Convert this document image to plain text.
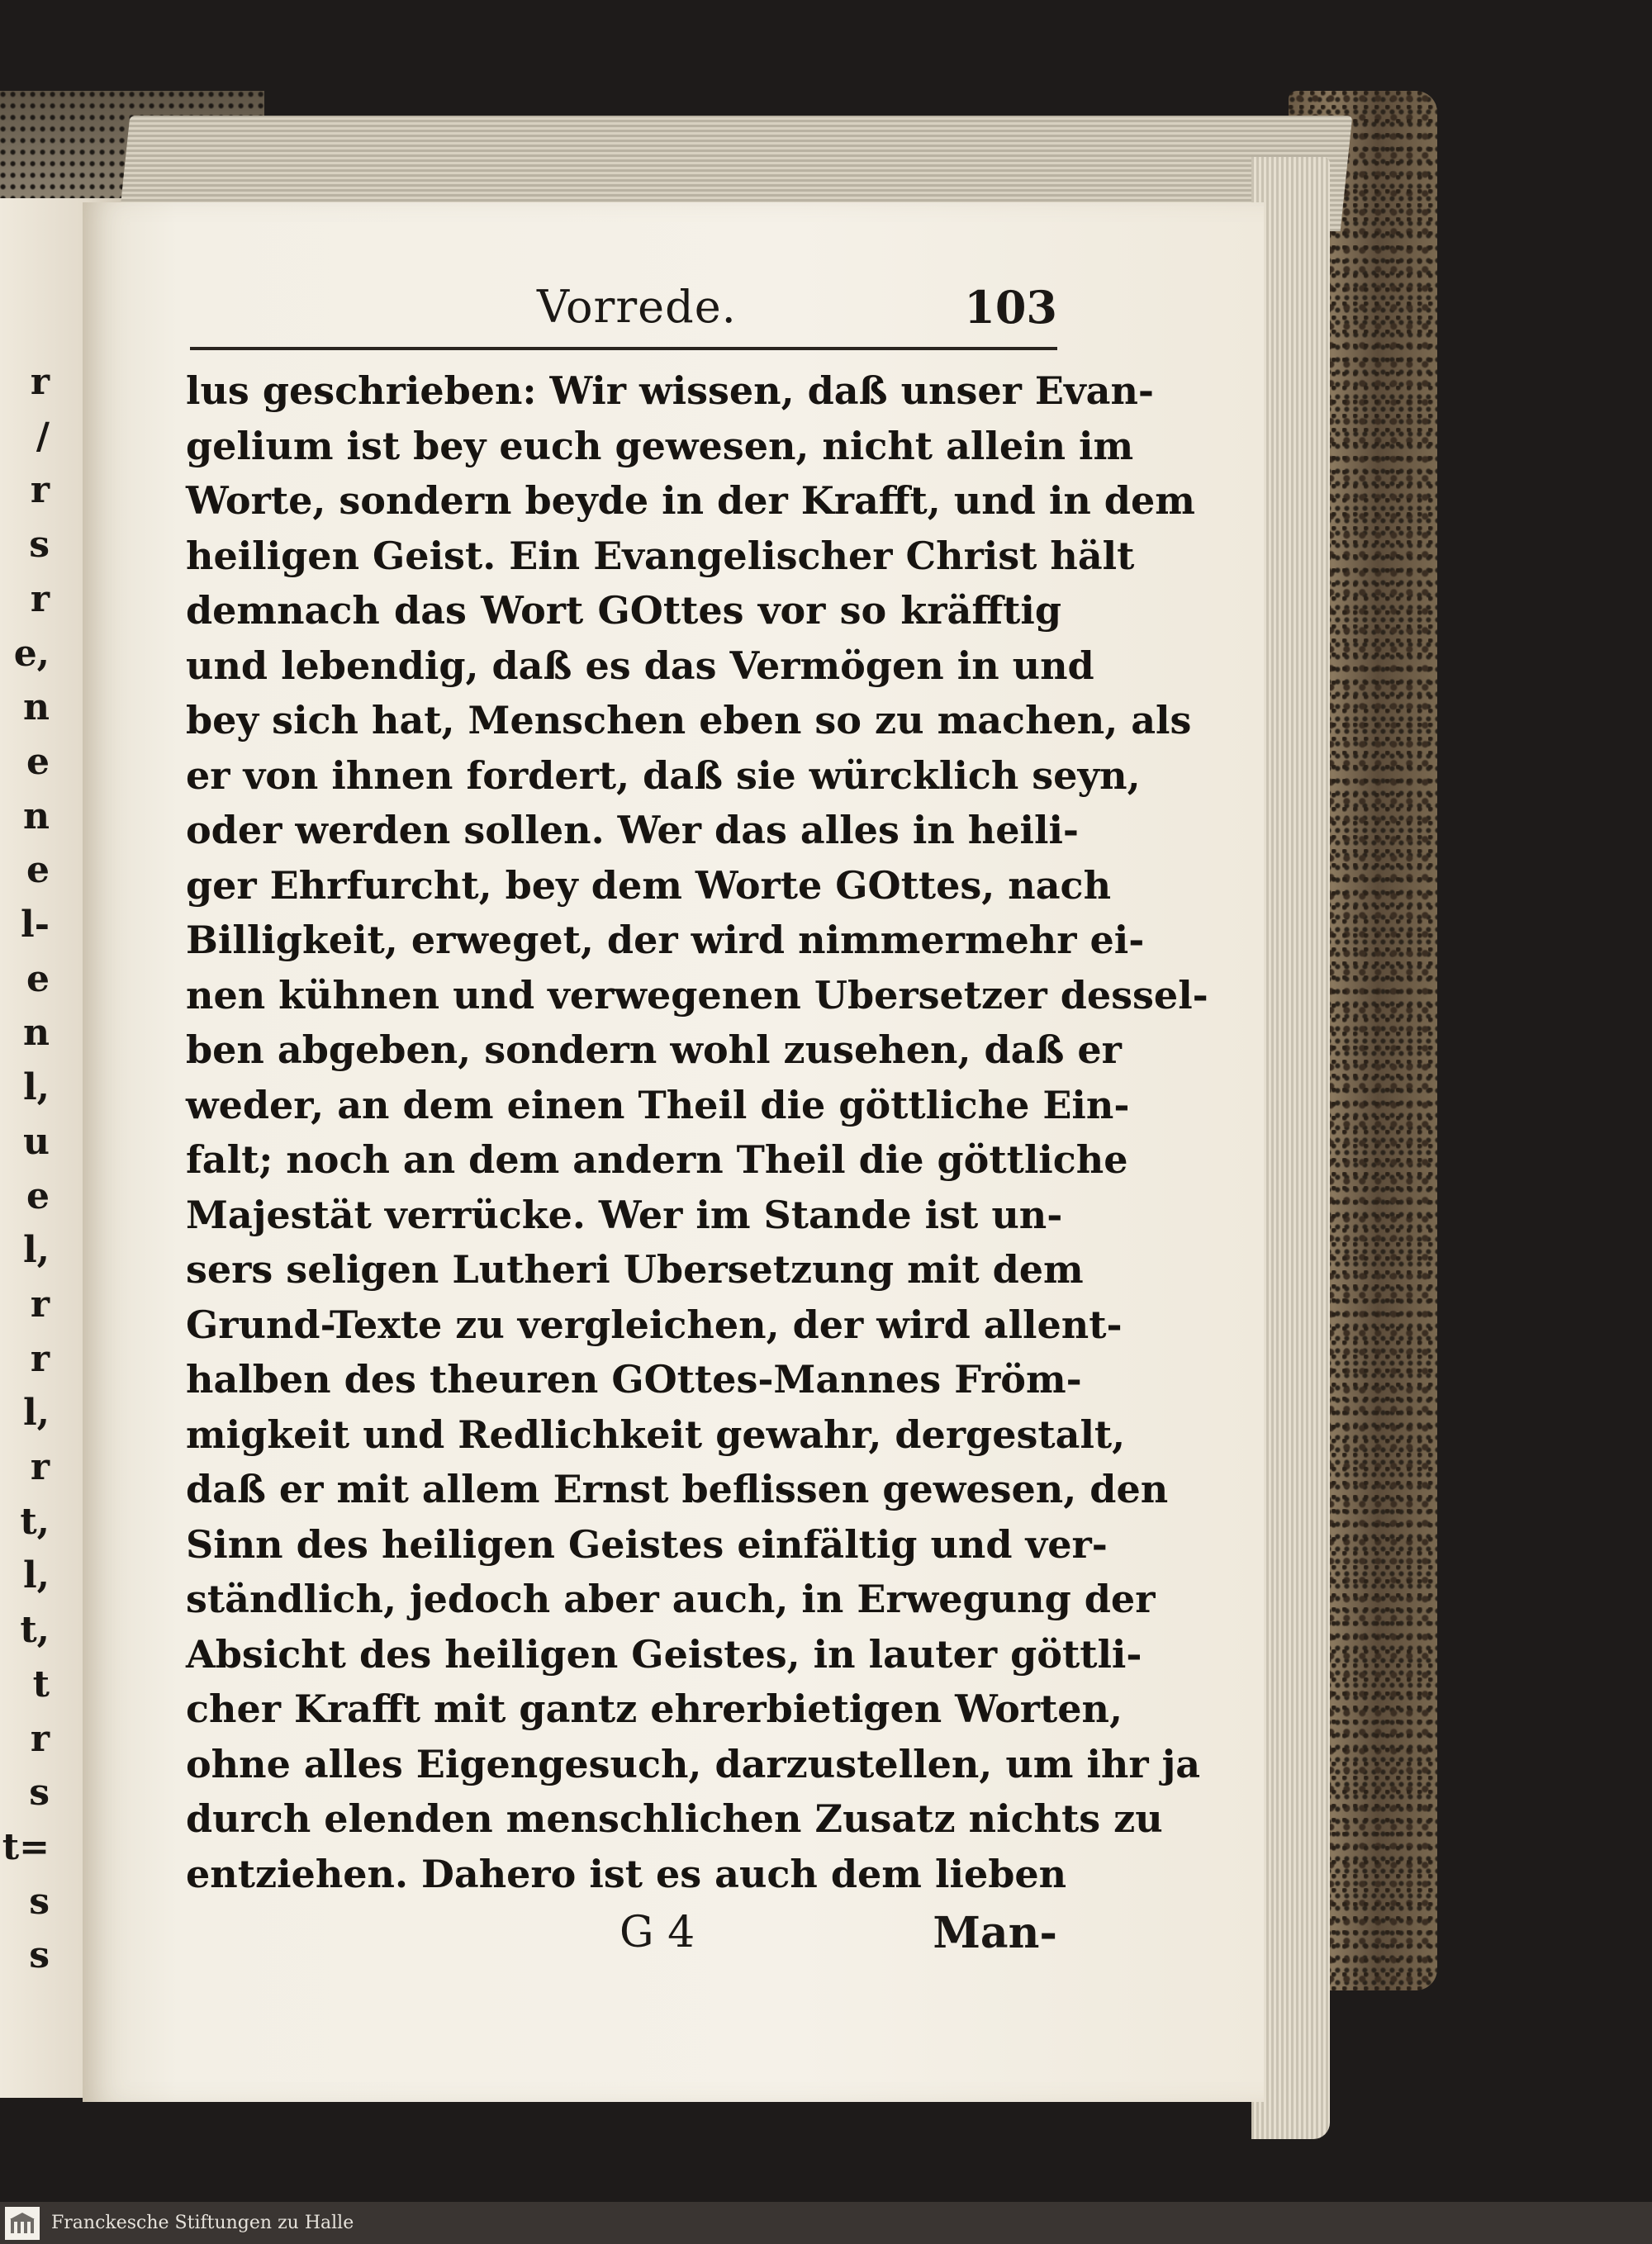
r
/
r
s
r
e,
n
e
n
e
l-
e
n
l,
u
e
l,
r
r
l,
r
t,
l,
t,
t
r
s
t=
s
s
Vorrede.	103
lus geschrieben: Wir wissen, daß unser Evan-
gelium ist bey euch gewesen, nicht allein im
Worte, sondern beyde in der Krafft, und in dem
heiligen Geist. Ein Evangelischer Christ hält
demnach das Wort GOttes vor so kräfftig
und lebendig, daß es das Vermögen in und
bey sich hat, Menschen eben so zu machen, als
er von ihnen fordert, daß sie würcklich seyn,
oder werden sollen. Wer das alles in heili-
ger Ehrfurcht, bey dem Worte GOttes, nach
Billigkeit, erweget, der wird nimmermehr ei-
nen kühnen und verwegenen Ubersetzer dessel-
ben abgeben, sondern wohl zusehen, daß er
weder, an dem einen Theil die göttliche Ein-
falt; noch an dem andern Theil die göttliche
Majestät verrücke. Wer im Stande ist un-
sers seligen Lutheri Ubersetzung mit dem
Grund-Texte zu vergleichen, der wird allent-
halben des theuren GOttes-Mannes Fröm-
migkeit und Redlichkeit gewahr, dergestalt,
daß er mit allem Ernst beflissen gewesen, den
Sinn des heiligen Geistes einfältig und ver-
ständlich, jedoch aber auch, in Erwegung der
Absicht des heiligen Geistes, in lauter göttli-
cher Krafft mit gantz ehrerbietigen Worten,
ohne alles Eigengesuch, darzustellen, um ihr ja
durch elenden menschlichen Zusatz nichts zu
entziehen. Dahero ist es auch dem lieben
G 4	Man-
Franckesche Stiftungen zu Halle
